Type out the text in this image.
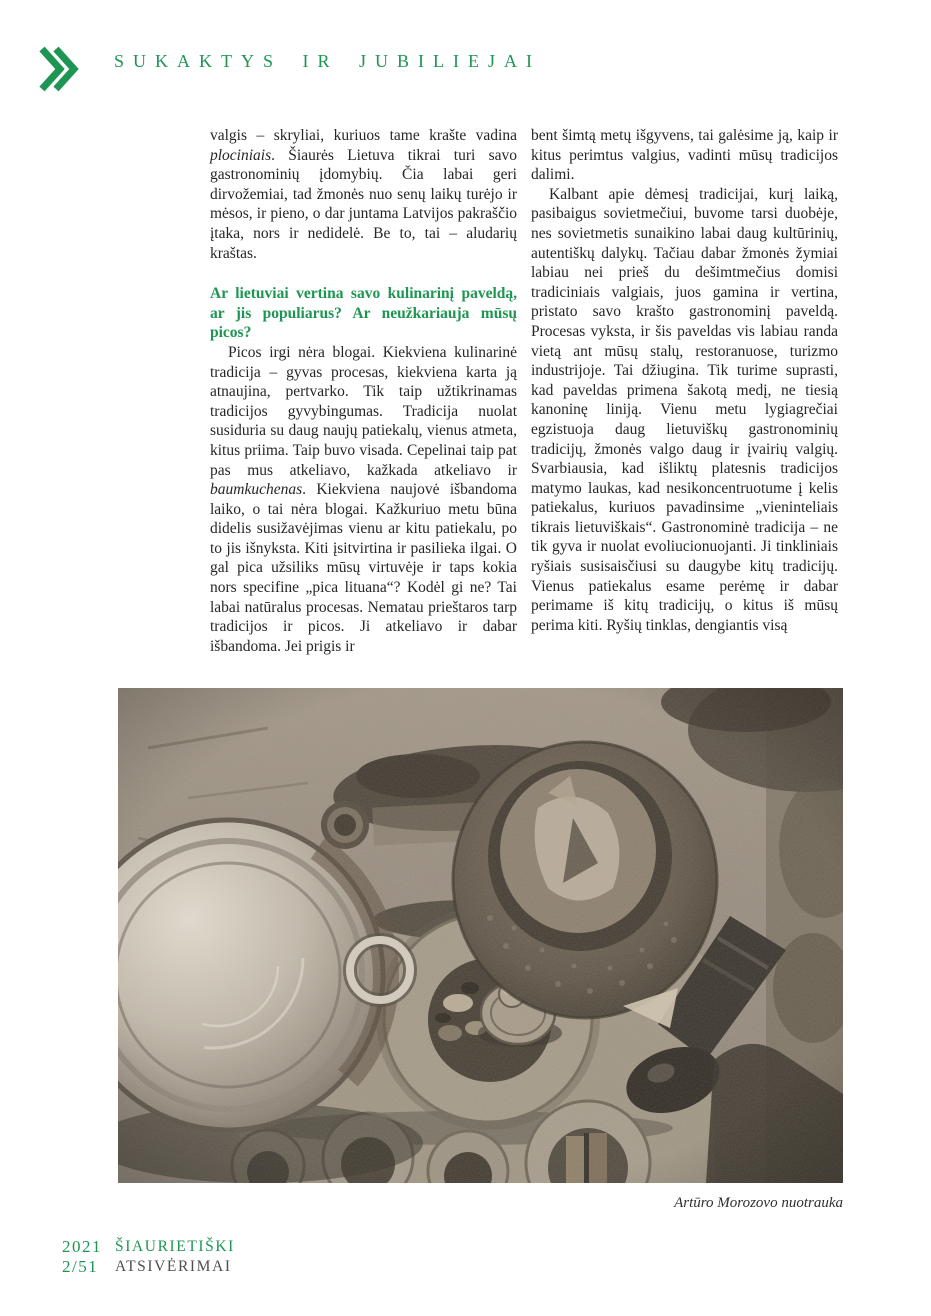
SUKAKTYS IR JUBILIEJAI

valgis – skryliai, kuriuos tame krašte vadina plociniais. Šiaurės Lietuva tikrai turi savo gastronominių įdomybių. Čia labai geri dirvožemiai, tad žmonės nuo senų laikų turėjo ir mėsos, ir pieno, o dar juntama Latvijos pakraščio įtaka, nors ir nedidelė. Be to, tai – aludarių kraštas.

Ar lietuviai vertina savo kulinarinį paveldą, ar jis populiarus? Ar neužkariauja mūsų picos?

Picos irgi nėra blogai. Kiekviena kulinarinė tradicija – gyvas procesas, kiekviena karta ją atnaujina, pertvarko. Tik taip užtikrinamas tradicijos gyvybingumas. Tradicija nuolat susiduria su daug naujų patiekalų, vienus atmeta, kitus priima. Taip buvo visada. Cepelinai taip pat pas mus atkeliavo, kažkada atkeliavo ir baumkuchenas. Kiekviena naujovė išbandoma laiko, o tai nėra blogai. Kažkuriuo metu būna didelis susižavėjimas vienu ar kitu patiekalu, po to jis išnyksta. Kiti įsitvirtina ir pasilieka ilgai. O gal pica užsiliks mūsų virtuvėje ir taps kokia nors specifine „pica lituana“? Kodėl gi ne? Tai labai natūralus procesas. Nematau prieštaros tarp tradicijos ir picos. Ji atkeliavo ir dabar išbandoma. Jei prigis ir

bent šimtą metų išgyvens, tai galėsime ją, kaip ir kitus perimtus valgius, vadinti mūsų tradicijos dalimi.

Kalbant apie dėmesį tradicijai, kurį laiką, pasibaigus sovietmečiui, buvome tarsi duobėje, nes sovietmetis sunaikino labai daug kultūrinių, autentiškų dalykų. Tačiau dabar žmonės žymiai labiau nei prieš du dešimtmečius domisi tradiciniais valgiais, juos gamina ir vertina, pristato savo krašto gastronominį paveldą. Procesas vyksta, ir šis paveldas vis labiau randa vietą ant mūsų stalų, restoranuose, turizmo industrijoje. Tai džiugina. Tik turime suprasti, kad paveldas primena šakotą medį, ne tiesią kanoninę liniją. Vienu metu lygiagrečiai egzistuoja daug lietuviškų gastronominių tradicijų, žmonės valgo daug ir įvairių valgių. Svarbiausia, kad išliktų platesnis tradicijos matymo laukas, kad nesikoncentruotume į kelis patiekalus, kuriuos pavadinsime „vieninteliais tikrais lietuviškais“. Gastronominė tradicija – ne tik gyva ir nuolat evoliucionuojanti. Ji tinkliniais ryšiais susisaisčiusi su daugybe kitų tradicijų. Vienus patiekalus esame perėmę ir dabar perimame iš kitų tradicijų, o kitus iš mūsų perima kiti. Ryšių tinklas, dengiantis visą

Artūro Morozovo nuotrauka
2021
2/51
ŠIAURIETIŠKI
ATSIVĖRIMAI
